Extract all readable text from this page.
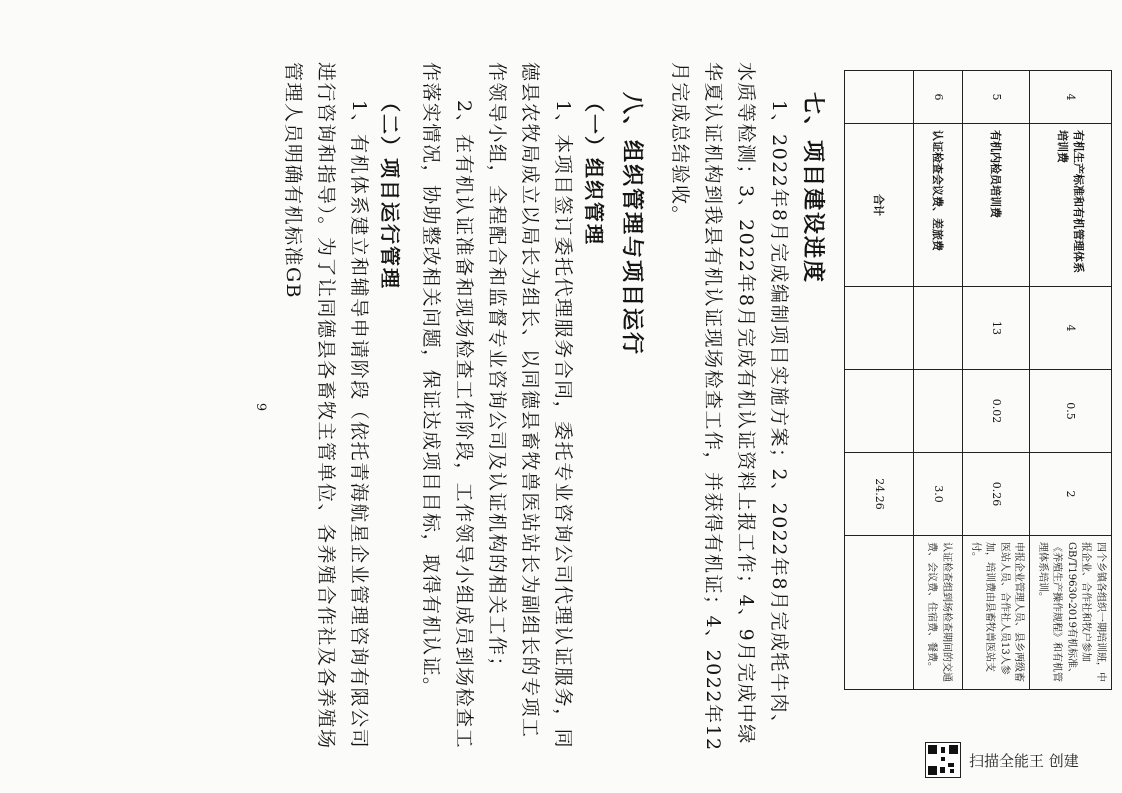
4	有机生产标准和有机管理体系培训费	4	0.5	2	四个乡镇各组织一期培训班，中报企业、合作社和牧户参加GB/T19630-2019有机标准、《养殖生产操作规程》和有机管理体系培训。
5	有机内检员培训费	13	0.02	0.26	申报企业管理人员、县乡两级畜医站人员、合作社人员13人参加，培训费由县畜牧兽医站支付。
6	认证检查会议费、差旅费			3.0	认证检查组到场检查期间的交通费、会议费、住宿费、餐费。
	合计			24.26	
七、项目建设进度

1、2022年8月完成编制项目实施方案；2、2022年8月完成牦牛肉、水质等检测；3、2022年8月完成有机认证资料上报工作；4、9月完成中绿华夏认证机构到我县有机认证现场检查工作，并获得有机证；4、2022年12月完成总结验收。

八、组织管理与项目运行
（一）组织管理

1、本项目签订委托代理服务合同，委托专业咨询公司代理认证服务，同德县农牧局成立以局长为组长、以同德县畜牧兽医站站长为副组长的专项工作领导小组，全程配合和监督专业咨询公司及认证机构的相关工作；

2、在有机认证准备和现场检查工作阶段，工作领导小组成员到场检查工作落实情况，协助整改相关问题，保证达成项目目标，取得有机认证。

（二）项目运行管理

1、有机体系建立和辅导申请阶段（依托青海航星企业管理咨询有限公司进行咨询和指导）。为了让同德县各畜牧主管单位、各养殖合作社及各养殖场管理人员明确有机标准GB

9
扫描全能王 创建
